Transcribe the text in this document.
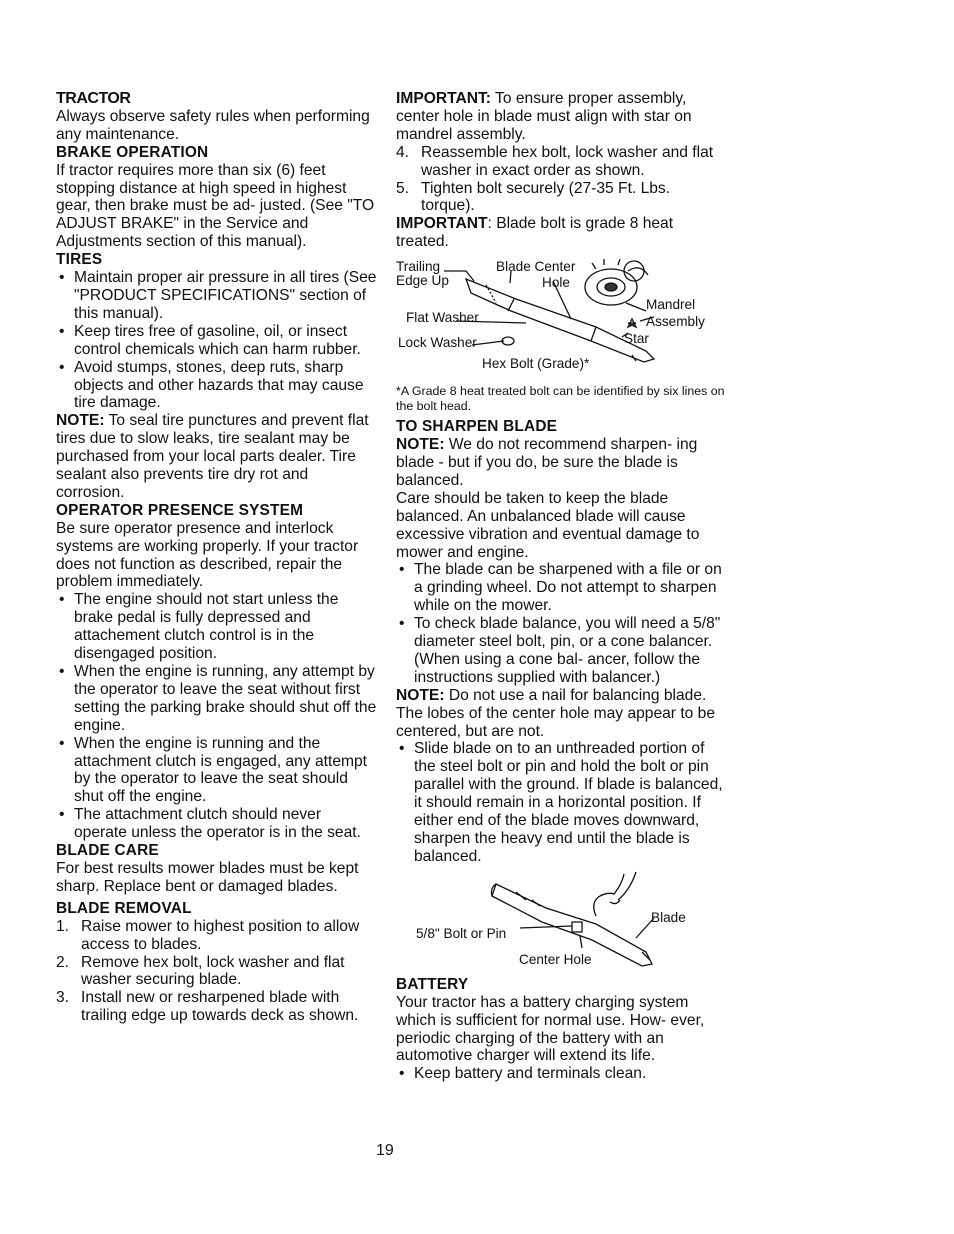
TRACTOR

Always observe safety rules when performing any maintenance.

BRAKE OPERATION

If tractor requires more than six (6) feet stopping distance at high speed in highest gear, then brake must be ad- justed. (See "TO ADJUST BRAKE" in the Service and Adjustments section of this manual).

TIRES
• Maintain proper air pressure in all tires (See "PRODUCT SPECIFICATIONS" section of this manual).
• Keep tires free of gasoline, oil, or insect control chemicals which can harm rubber.
• Avoid stumps, stones, deep ruts, sharp objects and other hazards that may cause tire damage.

NOTE: To seal tire punctures and prevent flat tires due to slow leaks, tire sealant may be purchased from your local parts dealer. Tire sealant also prevents tire dry rot and corrosion.

OPERATOR PRESENCE SYSTEM

Be sure operator presence and interlock systems are working properly. If your tractor does not function as described, repair the problem immediately.

• The engine should not start unless the brake pedal is fully depressed and attachement clutch control is in the disengaged position.
• When the engine is running, any attempt by the operator to leave the seat without first setting the parking brake should shut off the engine.
• When the engine is running and the attachment clutch is engaged, any attempt by the operator to leave the seat should shut off the engine.
• The attachment clutch should never operate unless the operator is in the seat.
BLADE CARE

For best results mower blades must be kept sharp. Replace bent or damaged blades.

BLADE REMOVAL
1. Raise mower to highest position to allow access to blades.
2. Remove hex bolt, lock washer and flat washer securing blade.
3. Install new or resharpened blade with trailing edge up towards deck as shown.

IMPORTANT: To ensure proper assembly, center hole in blade must align with star on mandrel assembly.

4. Reassemble hex bolt, lock washer and flat washer in exact order as shown.
5. Tighten bolt securely (27-35 Ft. Lbs. torque).

IMPORTANT: Blade bolt is grade 8 heat treated.

Trailing
Edge Up
Blade Center
Hole
Mandrel
Assembly
Flat Washer
Lock Washer	Star
Hex Bolt (Grade)*

*A Grade 8 heat treated bolt can be identified by six lines on the bolt head.

TO SHARPEN BLADE

NOTE: We do not recommend sharpen- ing blade - but if you do, be sure the blade is balanced.

Care should be taken to keep the blade balanced. An unbalanced blade will cause excessive vibration and eventual damage to mower and engine.

• The blade can be sharpened with a file or on a grinding wheel. Do not attempt to sharpen while on the mower.
• To check blade balance, you will need a 5/8" diameter steel bolt, pin, or a cone balancer. (When using a cone bal- ancer, follow the instructions supplied with balancer.)

NOTE: Do not use a nail for balancing blade. The lobes of the center hole may appear to be centered, but are not.

• Slide blade on to an unthreaded portion of the steel bolt or pin and hold the bolt or pin parallel with the ground. If blade is balanced, it should remain in a horizontal position. If either end of the blade moves downward, sharpen the heavy end until the blade is balanced.
Blade
5/8" Bolt or Pin
Center Hole
BATTERY

Your tractor has a battery charging system which is sufficient for normal use. How- ever, periodic charging of the battery with an automotive charger will extend its life.

• Keep battery and terminals clean.
19
